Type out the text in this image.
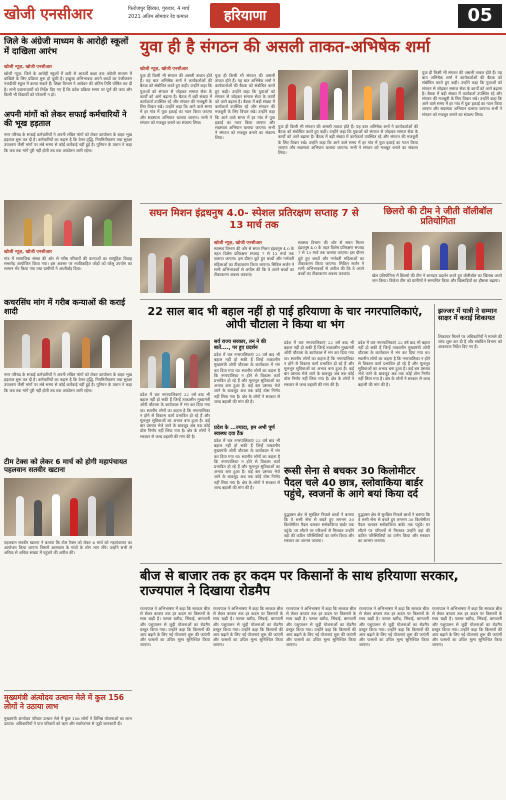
खोजी एनसीआर	फिरोजपुर झिरका, गुरुवार, 4 मार्च 2021 अंतिम सोमवार रेड कमाल	हरियाणा	05
जिले के अंग्रेजी माध्यम के आरोही स्कूलों में दाखिला आरंभ
खोजी न्यूज़, खोजी एनसीआर
खोजी न्यूज़: जिले के आरोही स्कूलों में छठी से आठवीं कक्षा तक अंग्रेजी माध्यम में दाखिले के लिए प्रक्रिया शुरू हो चुकी है। इच्छुक अभिभावक अपने बच्चों का पंजीकरण नजदीकी स्कूल में करवा सकते हैं। शिक्षा विभाग ने आवेदन की अंतिम तिथि घोषित कर दी है। सभी प्रधानाचार्यों को निर्देश दिए गए हैं कि प्रवेश प्रक्रिया समय पर पूर्ण की जाए और किसी भी विद्यार्थी को परेशानी न हो।
अपनी मांगों को लेकर सफाई कर्मचारियों ने की भूख हड़ताल
नगर परिषद के सफाई कर्मचारियों ने अपनी लंबित मांगों को लेकर कार्यालय के बाहर भूख हड़ताल शुरू कर दी है। कर्मचारियों का कहना है कि वेतन वृद्धि, नियमितीकरण तथा सुरक्षा उपकरण जैसी मांगों पर लंबे समय से कोई कार्रवाई नहीं हुई है। यूनियन के प्रधान ने कहा कि जब तक मांगें पूरी नहीं होती तब तक आंदोलन जारी रहेगा।
खोजी न्यूज़, खोजी एनसीआर
गांव में सामाजिक संस्था की ओर से गरीब परिवारों की कन्याओं का सामूहिक विवाह समारोह आयोजित किया गया। इस अवसर पर नवविवाहित जोड़ों को घरेलू उपयोग का सामान भेंट किया गया तथा ग्रामीणों ने आशीर्वाद दिया।
कचरसिंघ मांग में गरीब कन्याओं की कराई शादी
नगर परिषद के सफाई कर्मचारियों ने अपनी लंबित मांगों को लेकर कार्यालय के बाहर भूख हड़ताल शुरू कर दी है। कर्मचारियों का कहना है कि वेतन वृद्धि, नियमितीकरण तथा सुरक्षा उपकरण जैसी मांगों पर लंबे समय से कोई कार्रवाई नहीं हुई है। यूनियन के प्रधान ने कहा कि जब तक मांगें पूरी नहीं होती तब तक आंदोलन जारी रहेगा।
टीम टेक्स को लेकर 6 मार्च को होगी महापंचायत पहलवान सतवीर खटाना
पहलवान सतवीर खटाना ने बताया कि टोल टैक्स को लेकर 6 मार्च को महापंचायत का आयोजन किया जाएगा जिसमें आसपास के गांवों के लोग भाग लेंगे। उन्होंने सभी से अधिक से अधिक संख्या में पहुंचने की अपील की।
युवा ही है संगठन की असली ताकत-अभिषेक शर्मा
खोजी न्यूज़, खोजी एनसीआर
युवा ही किसी भी संगठन की असली ताकत होते हैं। यह बात अभिषेक शर्मा ने कार्यकर्ताओं की बैठक को संबोधित करते हुए कही। उन्होंने कहा कि युवाओं को संगठन से जोड़कर समाज सेवा के कार्यों को आगे बढ़ाना है। बैठक में बड़ी संख्या में कार्यकर्ता उपस्थित रहे और संगठन की मजबूती के लिए विचार रखे। उन्होंने कहा कि आने वाले समय में हर गांव में युवा इकाई का गठन किया जाएगा और सदस्यता अभियान चलाया जाएगा। सभी ने संगठन को मजबूत बनाने का संकल्प लिया।
युवा ही किसी भी संगठन की असली ताकत होते हैं। यह बात अभिषेक शर्मा ने कार्यकर्ताओं की बैठक को संबोधित करते हुए कही। उन्होंने कहा कि युवाओं को संगठन से जोड़कर समाज सेवा के कार्यों को आगे बढ़ाना है। बैठक में बड़ी संख्या में कार्यकर्ता उपस्थित रहे और संगठन की मजबूती के लिए विचार रखे। उन्होंने कहा कि आने वाले समय में हर गांव में युवा इकाई का गठन किया जाएगा और सदस्यता अभियान चलाया जाएगा। सभी ने संगठन को मजबूत बनाने का संकल्प लिया।
युवा ही किसी भी संगठन की असली ताकत होते हैं। यह बात अभिषेक शर्मा ने कार्यकर्ताओं की बैठक को संबोधित करते हुए कही। उन्होंने कहा कि युवाओं को संगठन से जोड़कर समाज सेवा के कार्यों को आगे बढ़ाना है। बैठक में बड़ी संख्या में कार्यकर्ता उपस्थित रहे और संगठन की मजबूती के लिए विचार रखे। उन्होंने कहा कि आने वाले समय में हर गांव में युवा इकाई का गठन किया जाएगा और सदस्यता अभियान चलाया जाएगा। सभी ने संगठन को मजबूत बनाने का संकल्प लिया।
युवा ही किसी भी संगठन की असली ताकत होते हैं। यह बात अभिषेक शर्मा ने कार्यकर्ताओं की बैठक को संबोधित करते हुए कही। उन्होंने कहा कि युवाओं को संगठन से जोड़कर समाज सेवा के कार्यों को आगे बढ़ाना है। बैठक में बड़ी संख्या में कार्यकर्ता उपस्थित रहे और संगठन की मजबूती के लिए विचार रखे। उन्होंने कहा कि आने वाले समय में हर गांव में युवा इकाई का गठन किया जाएगा और सदस्यता अभियान चलाया जाएगा। सभी ने संगठन को मजबूत बनाने का संकल्प लिया।
सघन मिशन इंद्रधनुष 4.0- स्पेशल प्रतिरक्षण सप्ताह 7 से 13 मार्च तक
खोजी न्यूज़, खोजी एनसीआर
स्वास्थ्य विभाग की ओर से सघन मिशन इंद्रधनुष 4.0 के तहत विशेष प्रतिरक्षण सप्ताह 7 से 13 मार्च तक चलाया जाएगा। इस दौरान छूटे हुए बच्चों और गर्भवती महिलाओं का टीकाकरण किया जाएगा। सिविल सर्जन ने सभी अभिभावकों से अपील की कि वे अपने बच्चों का टीकाकरण अवश्य करवाएं।
स्वास्थ्य विभाग की ओर से सघन मिशन इंद्रधनुष 4.0 के तहत विशेष प्रतिरक्षण सप्ताह 7 से 13 मार्च तक चलाया जाएगा। इस दौरान छूटे हुए बच्चों और गर्भवती महिलाओं का टीकाकरण किया जाएगा। सिविल सर्जन ने सभी अभिभावकों से अपील की कि वे अपने बच्चों का टीकाकरण अवश्य करवाएं।
छिलरो की टीम ने जीती वॉलीबॉल प्रतियोगिता
खेल प्रतियोगिता में छिलरो की टीम ने शानदार प्रदर्शन करते हुए वॉलीबॉल का खिताब अपने नाम किया। विजेता टीम को ग्रामीणों ने सम्मानित किया और खिलाड़ियों का हौसला बढ़ाया।
22 साल बाद भी बहाल नहीं हो पाई हरियाणा के चार नगरपालिकाएं, ओपी चौटाला ने किया था भंग
प्रदेश में चार नगरपालिकाएं 22 वर्ष बाद भी बहाल नहीं हो सकी हैं जिन्हें तत्कालीन मुख्यमंत्री ओपी चौटाला के कार्यकाल में भंग कर दिया गया था। स्थानीय लोगों का कहना है कि नगरपालिका न होने से विकास कार्य प्रभावित हो रहे हैं और मूलभूत सुविधाओं का अभाव बना हुआ है। कई बार प्रस्ताव भेजे जाने के बावजूद अब तक कोई ठोस निर्णय नहीं लिया गया है। क्षेत्र के लोगों ने सरकार से जल्द बहाली की मांग की है।
सर्व राज्य सरकार, तन ने की बातें...., पर हुए प्रदर्शन
प्रदेश में चार नगरपालिकाएं 22 वर्ष बाद भी बहाल नहीं हो सकी हैं जिन्हें तत्कालीन मुख्यमंत्री ओपी चौटाला के कार्यकाल में भंग कर दिया गया था। स्थानीय लोगों का कहना है कि नगरपालिका न होने से विकास कार्य प्रभावित हो रहे हैं और मूलभूत सुविधाओं का अभाव बना हुआ है। कई बार प्रस्ताव भेजे जाने के बावजूद अब तक कोई ठोस निर्णय नहीं लिया गया है। क्षेत्र के लोगों ने सरकार से जल्द बहाली की मांग की है।
प्रदेश के ...ज्यादा, हम अभी पूर्ण स्वास्थ्य दवा टैंक
प्रदेश में चार नगरपालिकाएं 22 वर्ष बाद भी बहाल नहीं हो सकी हैं जिन्हें तत्कालीन मुख्यमंत्री ओपी चौटाला के कार्यकाल में भंग कर दिया गया था। स्थानीय लोगों का कहना है कि नगरपालिका न होने से विकास कार्य प्रभावित हो रहे हैं और मूलभूत सुविधाओं का अभाव बना हुआ है। कई बार प्रस्ताव भेजे जाने के बावजूद अब तक कोई ठोस निर्णय नहीं लिया गया है। क्षेत्र के लोगों ने सरकार से जल्द बहाली की मांग की है।
प्रदेश में चार नगरपालिकाएं 22 वर्ष बाद भी बहाल नहीं हो सकी हैं जिन्हें तत्कालीन मुख्यमंत्री ओपी चौटाला के कार्यकाल में भंग कर दिया गया था। स्थानीय लोगों का कहना है कि नगरपालिका न होने से विकास कार्य प्रभावित हो रहे हैं और मूलभूत सुविधाओं का अभाव बना हुआ है। कई बार प्रस्ताव भेजे जाने के बावजूद अब तक कोई ठोस निर्णय नहीं लिया गया है। क्षेत्र के लोगों ने सरकार से जल्द बहाली की मांग की है।
प्रदेश में चार नगरपालिकाएं 22 वर्ष बाद भी बहाल नहीं हो सकी हैं जिन्हें तत्कालीन मुख्यमंत्री ओपी चौटाला के कार्यकाल में भंग कर दिया गया था। स्थानीय लोगों का कहना है कि नगरपालिका न होने से विकास कार्य प्रभावित हो रहे हैं और मूलभूत सुविधाओं का अभाव बना हुआ है। कई बार प्रस्ताव भेजे जाने के बावजूद अब तक कोई ठोस निर्णय नहीं लिया गया है। क्षेत्र के लोगों ने सरकार से जल्द बहाली की मांग की है।
झज्जर में यात्री ने सम्मान साक्षर में कराई शिकायत
शिकायत मिलने पर अधिकारियों ने मामले की जांच शुरू कर दी है और संबंधित विभाग को आवश्यक निर्देश दिए गए हैं।
रूसी सेना से बचकर 30 किलोमीटर पैदल चले 40 छात्र, स्लोवाकिया बार्डर पहुंचे, स्वजनों के आगे बयां किया दर्द
युद्धग्रस्त क्षेत्र से सुरक्षित निकले छात्रों ने बताया कि वे रूसी सेना से बचते हुए लगभग 30 किलोमीटर पैदल चलकर स्लोवाकिया बार्डर तक पहुंचे। घर लौटने पर परिजनों से मिलकर उन्होंने वहां की कठिन परिस्थितियों का वर्णन किया और सरकार का आभार जताया।
युद्धग्रस्त क्षेत्र से सुरक्षित निकले छात्रों ने बताया कि वे रूसी सेना से बचते हुए लगभग 30 किलोमीटर पैदल चलकर स्लोवाकिया बार्डर तक पहुंचे। घर लौटने पर परिजनों से मिलकर उन्होंने वहां की कठिन परिस्थितियों का वर्णन किया और सरकार का आभार जताया।
बीज से बाजार तक हर कदम पर किसानों के साथ हरियाणा सरकार, राज्यपाल ने दिखाया रोडमैप
राज्यपाल ने अभिभाषण में कहा कि सरकार बीज से लेकर बाजार तक हर कदम पर किसानों के साथ खड़ी है। फसल खरीद, सिंचाई, बागवानी और पशुपालन से जुड़ी योजनाओं का रोडमैप प्रस्तुत किया गया। उन्होंने कहा कि किसानों की आय बढ़ाने के लिए नई योजनाएं शुरू की जाएंगी और फसलों का उचित मूल्य सुनिश्चित किया जाएगा।
राज्यपाल ने अभिभाषण में कहा कि सरकार बीज से लेकर बाजार तक हर कदम पर किसानों के साथ खड़ी है। फसल खरीद, सिंचाई, बागवानी और पशुपालन से जुड़ी योजनाओं का रोडमैप प्रस्तुत किया गया। उन्होंने कहा कि किसानों की आय बढ़ाने के लिए नई योजनाएं शुरू की जाएंगी और फसलों का उचित मूल्य सुनिश्चित किया जाएगा।
राज्यपाल ने अभिभाषण में कहा कि सरकार बीज से लेकर बाजार तक हर कदम पर किसानों के साथ खड़ी है। फसल खरीद, सिंचाई, बागवानी और पशुपालन से जुड़ी योजनाओं का रोडमैप प्रस्तुत किया गया। उन्होंने कहा कि किसानों की आय बढ़ाने के लिए नई योजनाएं शुरू की जाएंगी और फसलों का उचित मूल्य सुनिश्चित किया जाएगा।
राज्यपाल ने अभिभाषण में कहा कि सरकार बीज से लेकर बाजार तक हर कदम पर किसानों के साथ खड़ी है। फसल खरीद, सिंचाई, बागवानी और पशुपालन से जुड़ी योजनाओं का रोडमैप प्रस्तुत किया गया। उन्होंने कहा कि किसानों की आय बढ़ाने के लिए नई योजनाएं शुरू की जाएंगी और फसलों का उचित मूल्य सुनिश्चित किया जाएगा।
राज्यपाल ने अभिभाषण में कहा कि सरकार बीज से लेकर बाजार तक हर कदम पर किसानों के साथ खड़ी है। फसल खरीद, सिंचाई, बागवानी और पशुपालन से जुड़ी योजनाओं का रोडमैप प्रस्तुत किया गया। उन्होंने कहा कि किसानों की आय बढ़ाने के लिए नई योजनाएं शुरू की जाएंगी और फसलों का उचित मूल्य सुनिश्चित किया जाएगा।
मुख्यमंत्री अंत्योदय उत्थान मेले में कुल 156 लोगों ने उठाया लाभ
मुख्यमंत्री अंत्योदय परिवार उत्थान मेले में कुल 156 लोगों ने विभिन्न योजनाओं का लाभ उठाया। अधिकारियों ने पात्र परिवारों को ऋण और स्वरोजगार से जुड़ी जानकारी दी।
